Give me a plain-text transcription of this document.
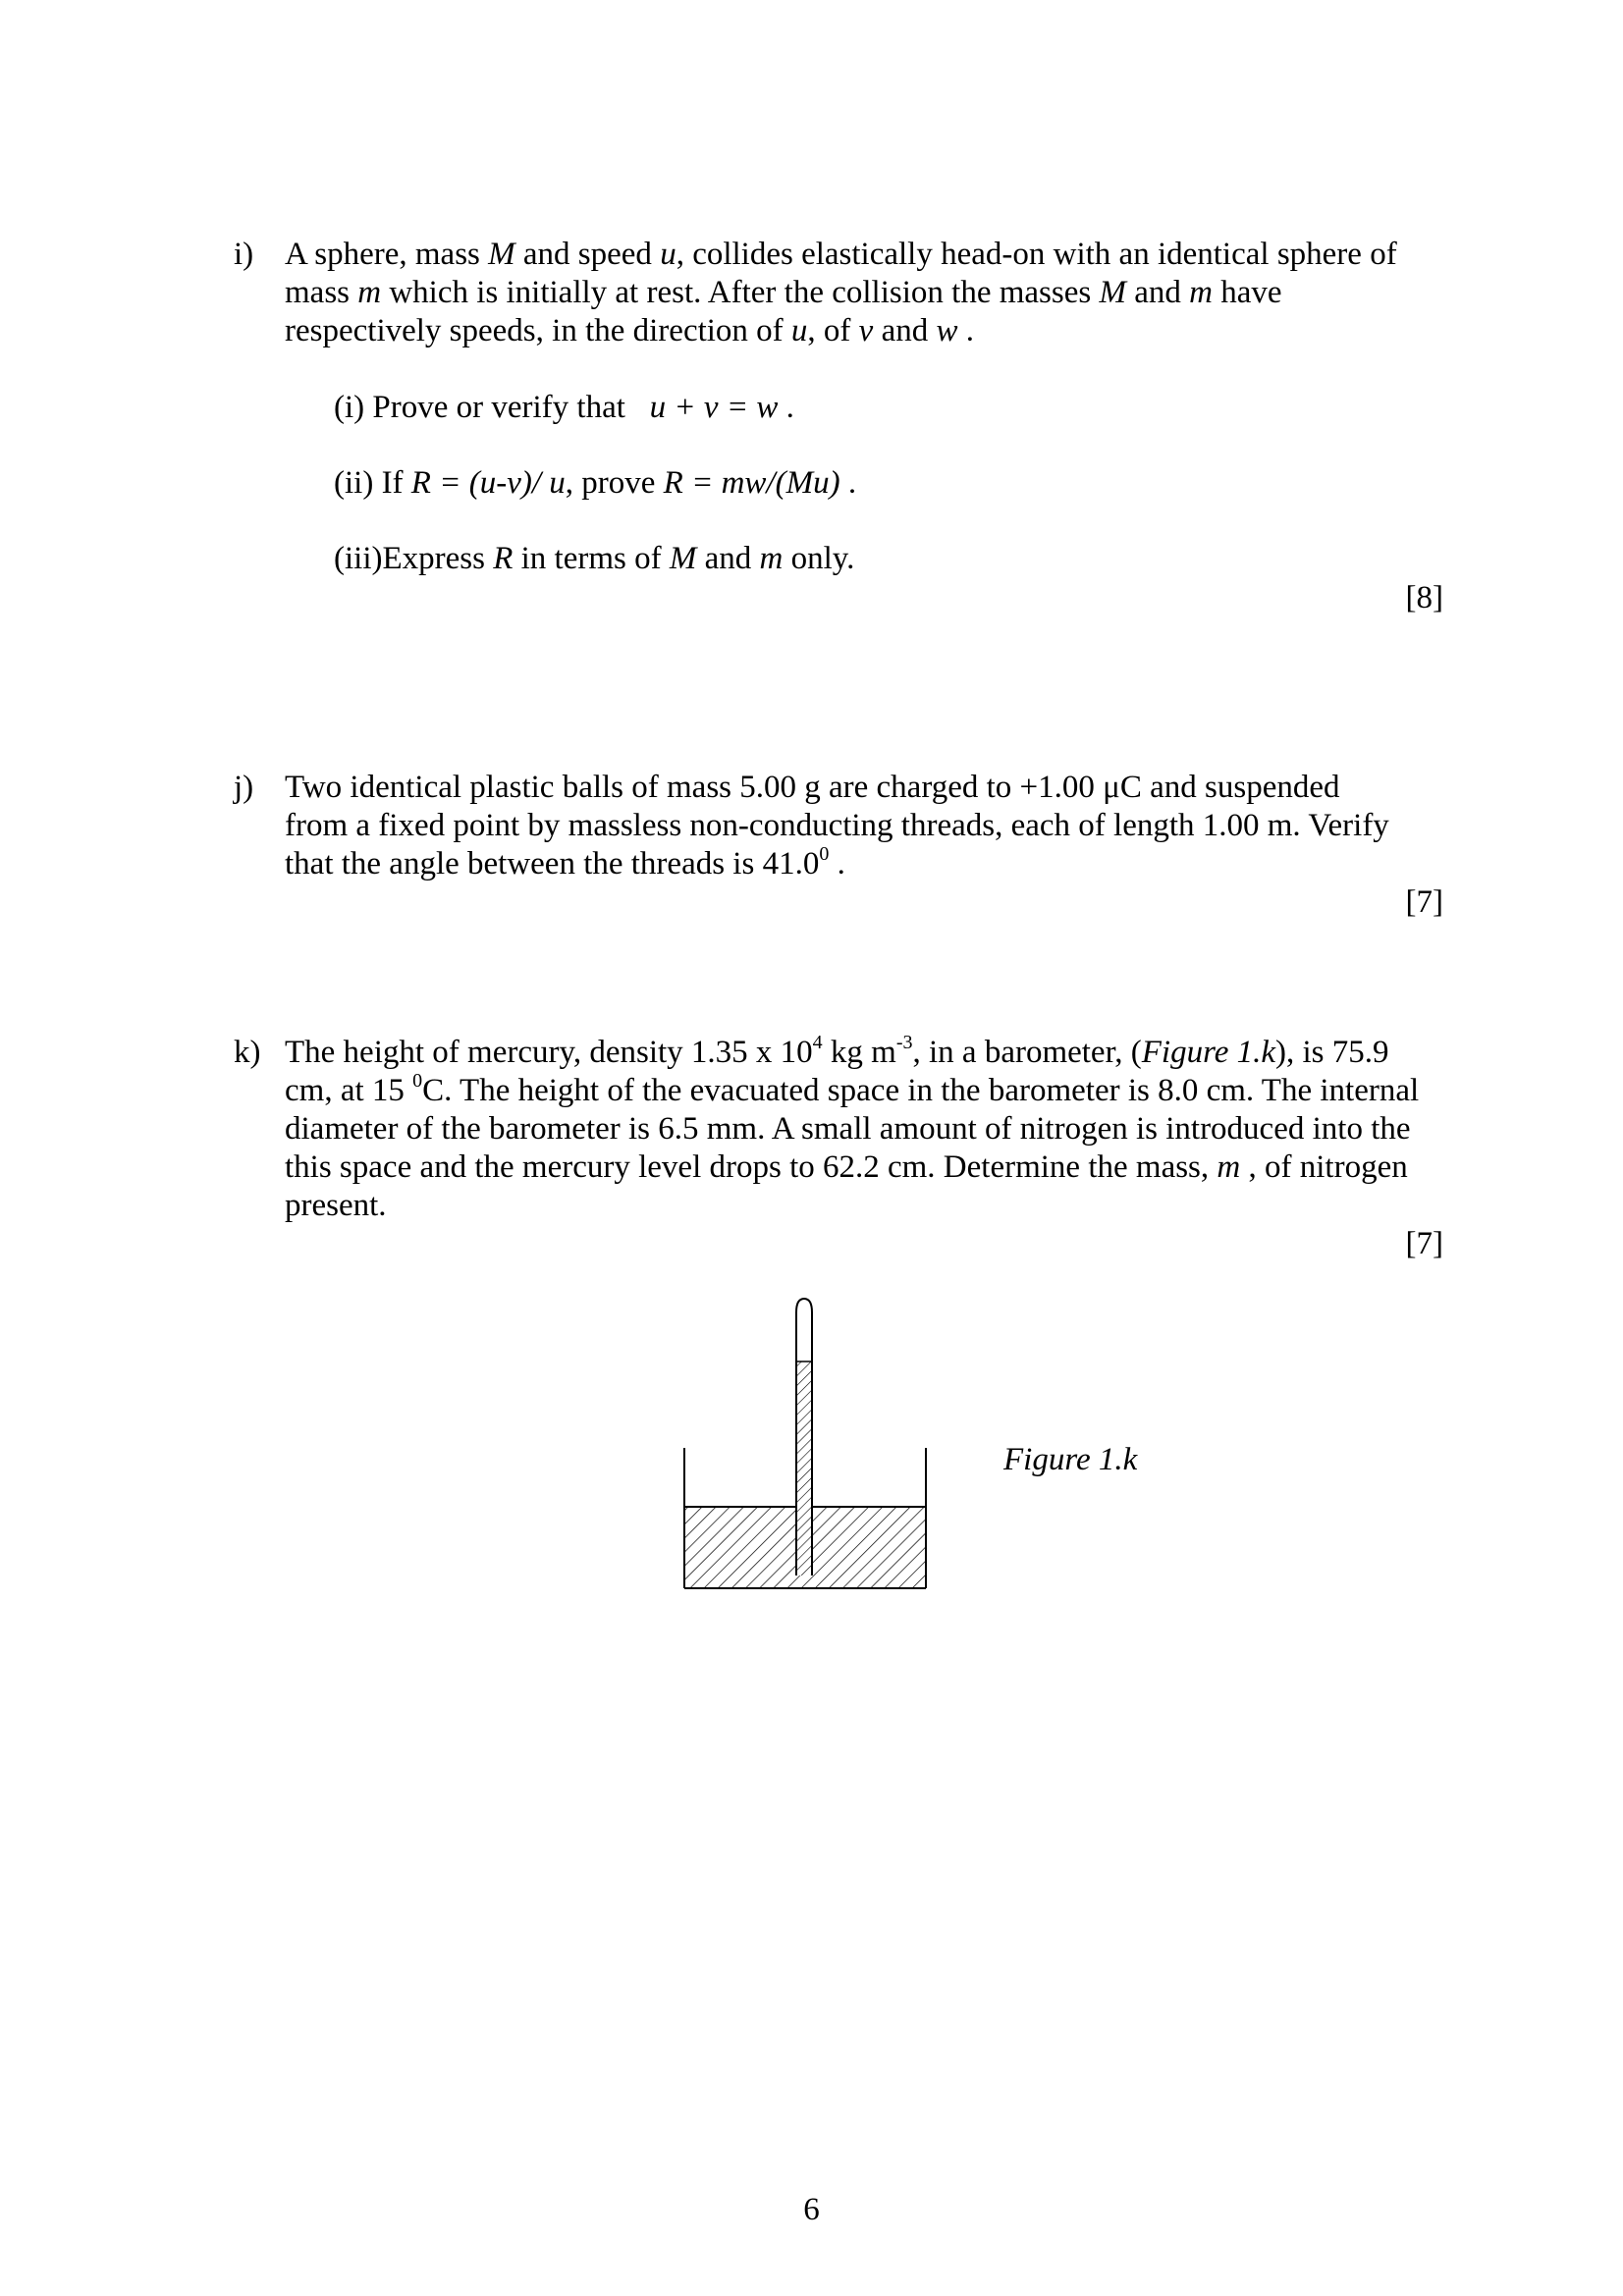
i) A sphere, mass M and speed u, collides elastically head-on with an identical sphere of

mass m which is initially at rest. After the collision the masses M and m have

respectively speeds, in the direction of u, of v and w .

(i) Prove or verify that   u + v = w .
(ii) If R = (u-v)/ u, prove R = mw/(Mu) .
(iii)Express R in terms of M and m only.
[8]
j) Two identical plastic balls of mass 5.00 g are charged to +1.00 μC and suspended

from a fixed point by massless non-conducting threads, each of length 1.00 m. Verify

that the angle between the threads is 41.0$^0$ .

[7]
k) The height of mercury, density 1.35 x $10^4$ kg $m^{-3}$, in a barometer, (Figure 1.k), is 75.9

cm, at 15 $^0$C. The height of the evacuated space in the barometer is 8.0 cm. The internal

diameter of the barometer is 6.5 mm. A small amount of nitrogen is introduced into the

this space and the mercury level drops to 62.2 cm. Determine the mass, m , of nitrogen

present.

[7]
Figure 1.k
6
